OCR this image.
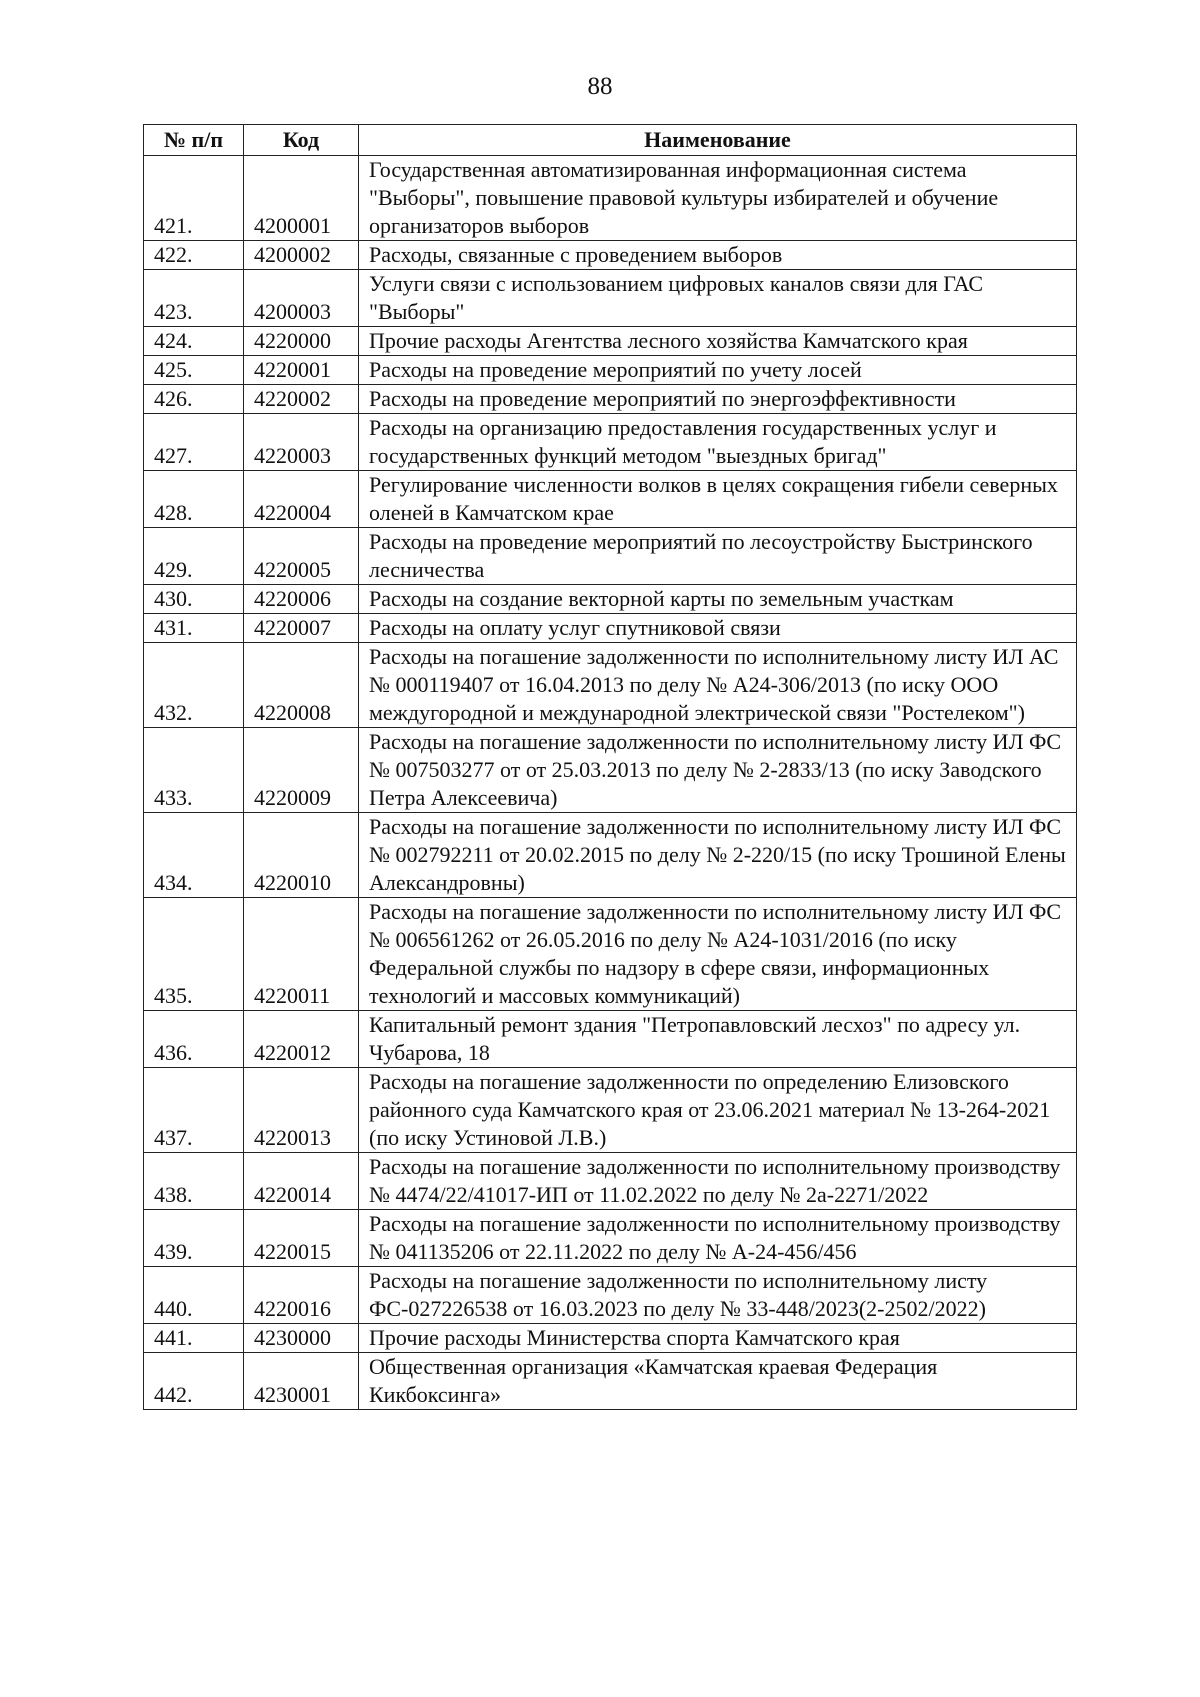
88
№ п/п	Код	Наименование
421.	4200001	Государственная автоматизированная информационная система "Выборы", повышение правовой культуры избирателей и обучение организаторов выборов
422.	4200002	Расходы, связанные с проведением выборов
423.	4200003	Услуги связи с использованием цифровых каналов связи для ГАС "Выборы"
424.	4220000	Прочие расходы Агентства лесного хозяйства Камчатского края
425.	4220001	Расходы на проведение мероприятий по учету лосей
426.	4220002	Расходы на проведение мероприятий по энергоэффективности
427.	4220003	Расходы на организацию предоставления государственных услуг и государственных функций методом "выездных бригад"
428.	4220004	Регулирование численности волков в целях сокращения гибели северных оленей в Камчатском крае
429.	4220005	Расходы на проведение мероприятий по лесоустройству Быстринского лесничества
430.	4220006	Расходы на создание векторной карты по земельным участкам
431.	4220007	Расходы на оплату услуг спутниковой связи
432.	4220008	Расходы на погашение задолженности по исполнительному листу ИЛ АС № 000119407 от 16.04.2013 по делу № А24-306/2013 (по иску ООО междугородной и международной электрической связи "Ростелеком")
433.	4220009	Расходы на погашение задолженности по исполнительному листу ИЛ ФС № 007503277 от от 25.03.2013 по делу № 2-2833/13 (по иску Заводского Петра Алексеевича)
434.	4220010	Расходы на погашение задолженности по исполнительному листу ИЛ ФС № 002792211 от 20.02.2015 по делу № 2-220/15 (по иску Трошиной Елены Александровны)
435.	4220011	Расходы на погашение задолженности по исполнительному листу ИЛ ФС № 006561262 от 26.05.2016 по делу № А24-1031/2016 (по иску Федеральной службы по надзору в сфере связи, информационных технологий и массовых коммуникаций)
436.	4220012	Капитальный ремонт здания "Петропавловский лесхоз" по адресу ул. Чубарова, 18
437.	4220013	Расходы на погашение задолженности по определению Елизовского районного суда Камчатского края от 23.06.2021 материал № 13-264-2021 (по иску Устиновой Л.В.)
438.	4220014	Расходы на погашение задолженности по исполнительному производству № 4474/22/41017-ИП от 11.02.2022 по делу № 2а-2271/2022
439.	4220015	Расходы на погашение задолженности по исполнительному производству № 041135206 от 22.11.2022 по делу № А-24-456/456
440.	4220016	Расходы на погашение задолженности по исполнительному листу ФС-027226538 от 16.03.2023 по делу № 33-448/2023(2-2502/2022)
441.	4230000	Прочие расходы Министерства спорта Камчатского края
442.	4230001	Общественная организация «Камчатская краевая Федерация Кикбоксинга»
